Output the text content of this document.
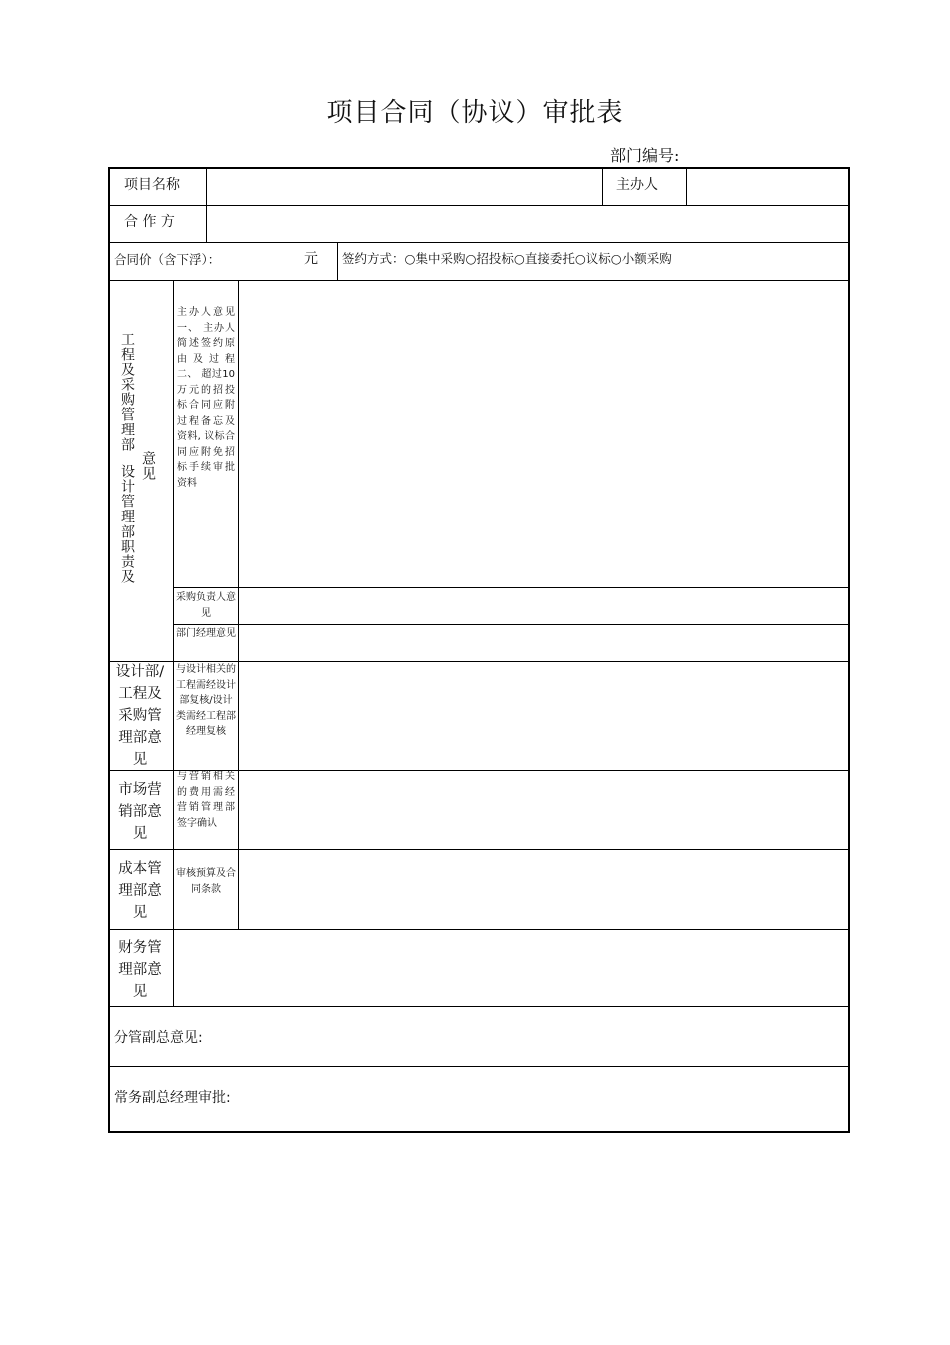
项目合同（协议）审批表
部门编号:
项目名称	主办人
合 作 方
合同价（含下浮）：	元 签约方式：○集中采购○招投标○直接委托○议标○小额采购
工程及采购管理部
设计管理部职责及 意见
主办人意见 一、 主办人简述签约原由及过程 二、 超过10万元的招投标合同应附过程备忘及资料, 议标合同应附免招标手续审批资料
采购负责人意见
部门经理意见
设计部/工程及采购管理部意见
与设计相关的工程需经设计部复核/设计类需经工程部经理复核
市场营销部意见
与营销相关的费用需经营销管理部签字确认
成本管理部意见
审核预算及合同条款
财务管理部意见
分管副总意见:
常务副总经理审批:
